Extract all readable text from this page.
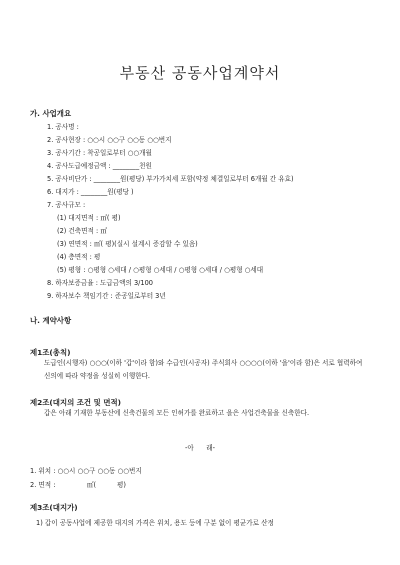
부동산 공동사업계약서
가. 사업개요
1. 공사명 :
2. 공사현장 : ○○시 ○○구 ○○동 ○○번지
3. 공사기간 : 착공일로부터 ○○개월
4. 공사도급예정금액 : ________천원
5. 공사비단가 : ________원(평당) 부가가치세 포함(약정 체결일로부터 6개월 간 유효)
6. 대지가 : ________원(평당 )
7. 공사규모 :
(1) 대지면적 : ㎡( 평)
(2) 건축면적 : ㎡
(3) 연면적 : ㎡( 평)(실시 설계시 증감할 수 있음)
(4) 층면적 : 평
(5) 평형 : ○평형 ○세대 / ○평형 ○세대 / ○평형 ○세대 / ○평형 ○세대
8. 하자보증금율 : 도급금액의 3/100
9. 하자보수 책임기간 : 준공일로부터 3년
나. 계약사항
제1조(총칙)
도급인(시행자) ○○○(이하 '갑'이라 함)와 수급인(시공자) 주식회사 ○○○○(이하 '을'이라 함)은 서로 협력하여 신의에 따라 약정을 성실히 이행한다.
제2조(대지의 조건 및 면적)
갑은 아래 기재한 부동산에 신축건물의 모든 인허가를 완료하고 을은 사업건축물을 신축한다.
-아      래-
1. 위치 : ○○시 ○○구 ○○동 ○○번지
2. 면적 :               ㎡(          평)
제3조(대지가)
1) 갑이 공동사업에 제공한 대지의 가격은 위치, 용도 등에 구분 없이 평균가로 산정
